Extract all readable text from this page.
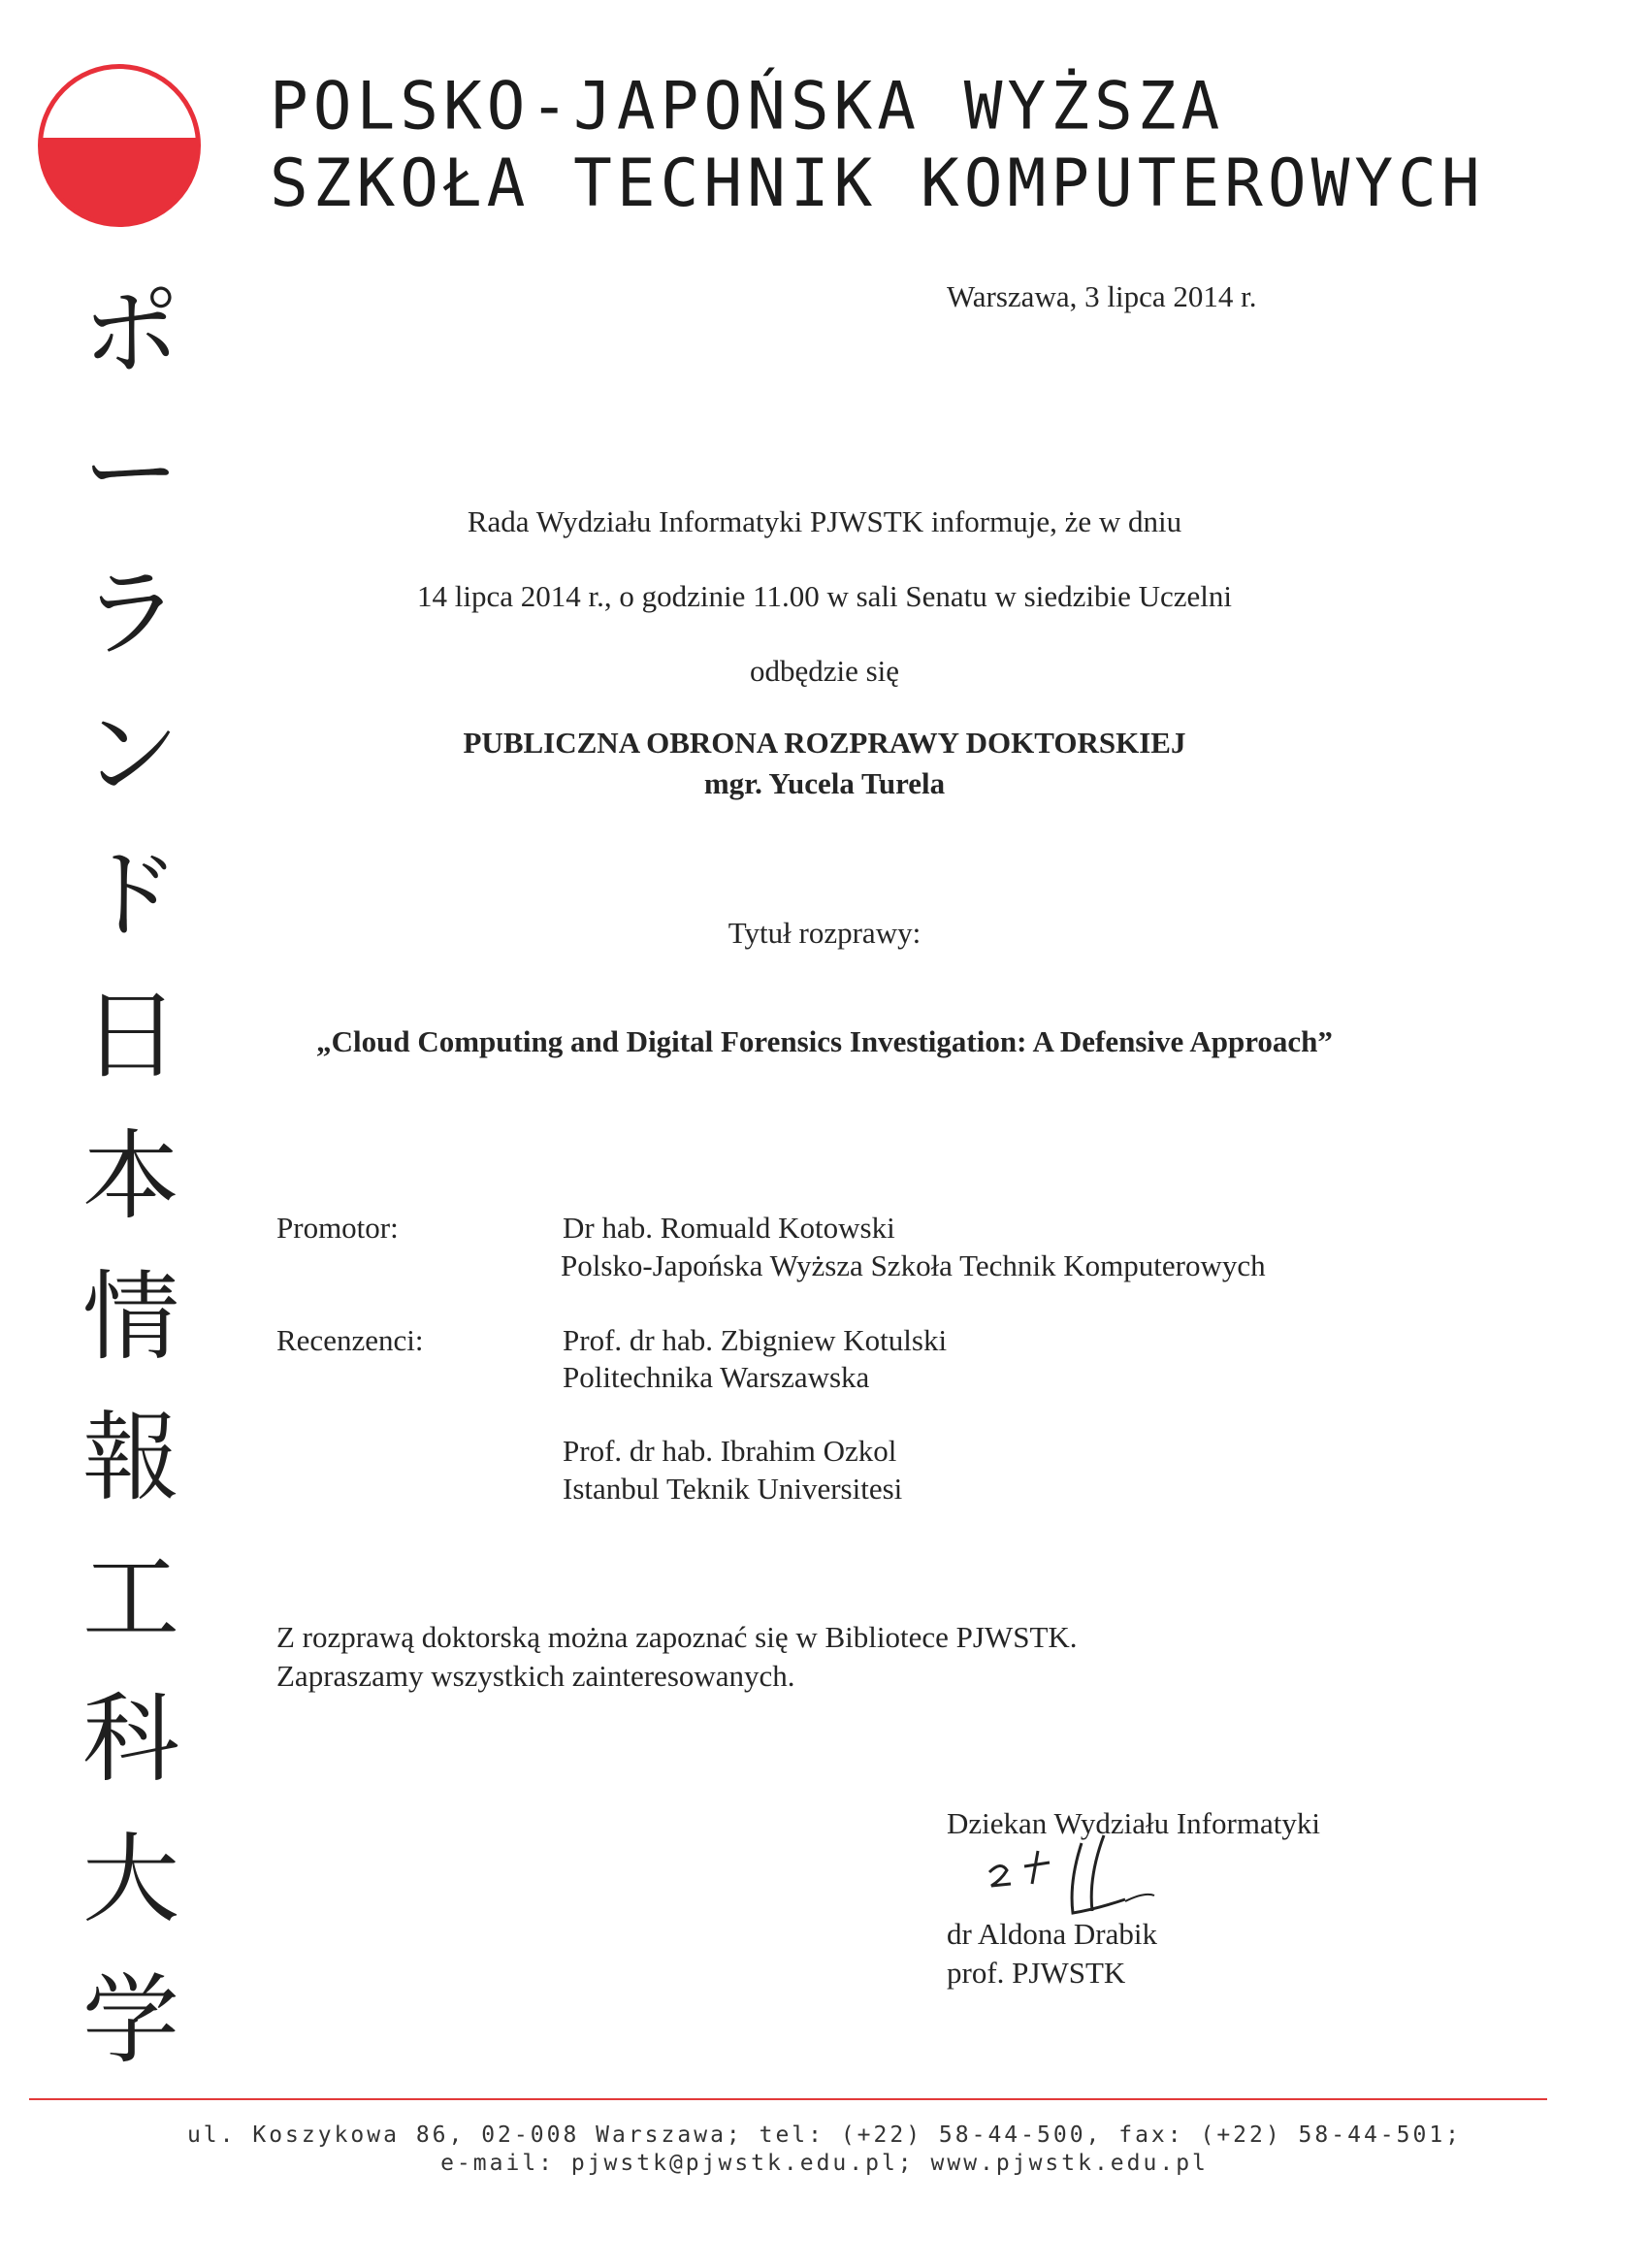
POLSKO-JAPOŃSKA WYŻSZA
SZKOŁA TECHNIK KOMPUTEROWYCH
ポ
ー
ラ
ン
ド
日
本
情
報
工
科
大
学
Warszawa, 3 lipca 2014 r.
Rada Wydziału Informatyki PJWSTK informuje, że w dniu
14 lipca 2014 r., o godzinie 11.00 w sali Senatu w siedzibie Uczelni
odbędzie się
PUBLICZNA OBRONA ROZPRAWY DOKTORSKIEJ
mgr. Yucela Turela
Tytuł rozprawy:
„Cloud Computing and Digital Forensics Investigation: A Defensive Approach”
Promotor:	Dr hab. Romuald Kotowski
Polsko-Japońska Wyższa Szkoła Technik Komputerowych
Recenzenci:	Prof. dr hab. Zbigniew Kotulski
Politechnika Warszawska
Prof. dr hab. Ibrahim Ozkol
Istanbul Teknik Universitesi
Z rozprawą doktorską można zapoznać się w Bibliotece PJWSTK.
Zapraszamy wszystkich zainteresowanych.
Dziekan Wydziału Informatyki
dr Aldona Drabik
prof. PJWSTK
ul. Koszykowa 86, 02-008 Warszawa; tel: (+22) 58-44-500, fax: (+22) 58-44-501;
e-mail: pjwstk@pjwstk.edu.pl; www.pjwstk.edu.pl
